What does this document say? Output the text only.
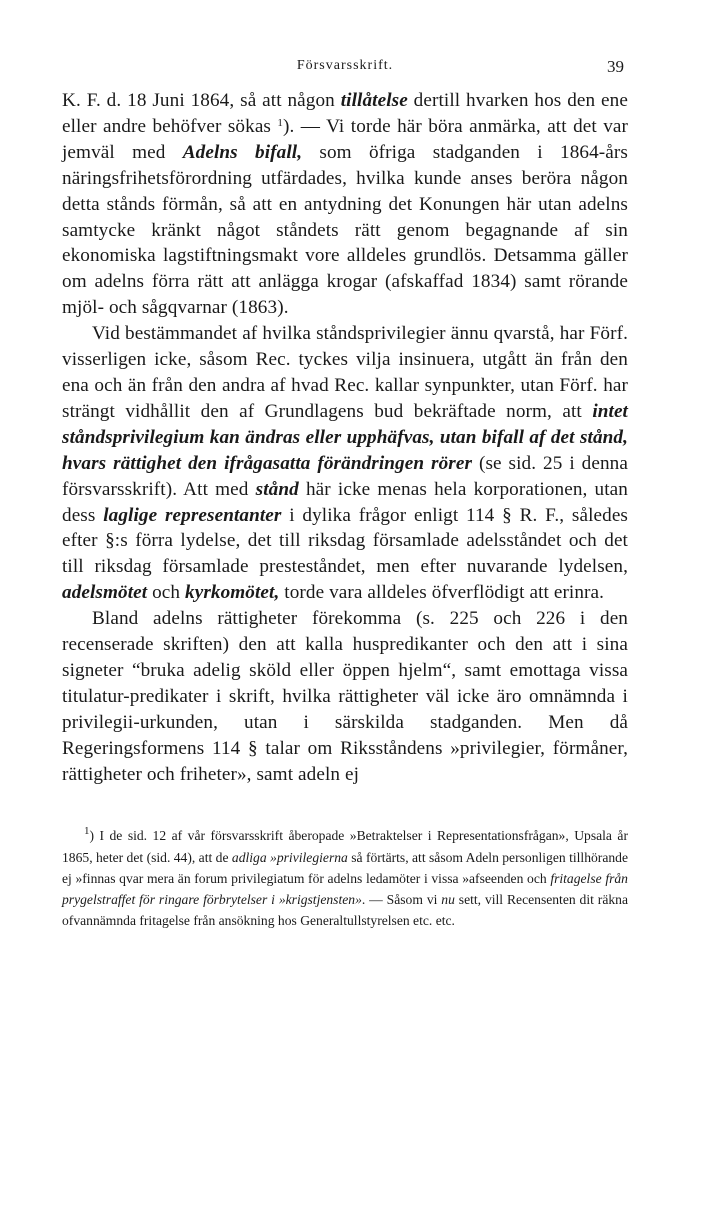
Försvarsskrift.	39

K. F. d. 18 Juni 1864, så att någon tillåtelse dertill hvarken hos den ene eller andre behöfver sökas $^1$). — Vi torde här böra anmärka, att det var jemväl med Adelns bifall, som öfriga stadganden i 1864-års näringsfrihetsförordning utfärdades, hvilka kunde anses beröra någon detta stånds förmån, så att en antydning det Konungen här utan adelns samtycke kränkt något ståndets rätt genom begagnande af sin ekonomiska lagstiftningsmakt vore alldeles grundlös. Detsamma gäller om adelns förra rätt att anlägga krogar (afskaffad 1834) samt rörande mjöl- och sågqvarnar (1863).

Vid bestämmandet af hvilka ståndsprivilegier ännu qvarstå, har Förf. visserligen icke, såsom Rec. tyckes vilja insinuera, utgått än från den ena och än från den andra af hvad Rec. kallar synpunkter, utan Förf. har strängt vidhållit den af Grundlagens bud bekräftade norm, att intet ståndsprivilegium kan ändras eller upphäfvas, utan bifall af det stånd, hvars rättighet den ifrågasatta förändringen rörer (se sid. 25 i denna försvarsskrift). Att med stånd här icke menas hela korporationen, utan dess laglige representanter i dylika frågor enligt 114 § R. F., således efter §:s förra lydelse, det till riksdag församlade adelsståndet och det till riksdag församlade presteståndet, men efter nuvarande lydelsen, adelsmötet och kyrkomötet, torde vara alldeles öfverflödigt att erinra.

Bland adelns rättigheter förekomma (s. 225 och 226 i den recenserade skriften) den att kalla huspredikanter och den att i sina signeter “bruka adelig sköld eller öppen hjelm“, samt emottaga vissa titulatur-predikater i skrift, hvilka rättigheter väl icke äro omnämnda i privilegii-urkunden, utan i särskilda stadganden. Men då Regeringsformens 114 § talar om Riksståndens »privilegier, förmåner, rättigheter och friheter», samt adeln ej

$^1$) I de sid. 12 af vår försvarsskrift åberopade »Betraktelser i Representationsfrågan», Upsala år 1865, heter det (sid. 44), att de adliga »privilegierna så förtärts, att såsom Adeln personligen tillhörande ej »finnas qvar mera än forum privilegiatum för adelns ledamöter i vissa »afseenden och fritagelse från prygelstraffet för ringare förbrytelser i »krigstjensten». — Såsom vi nu sett, vill Recensenten dit räkna ofvannämnda fritagelse från ansökning hos Generaltullstyrelsen etc. etc.
